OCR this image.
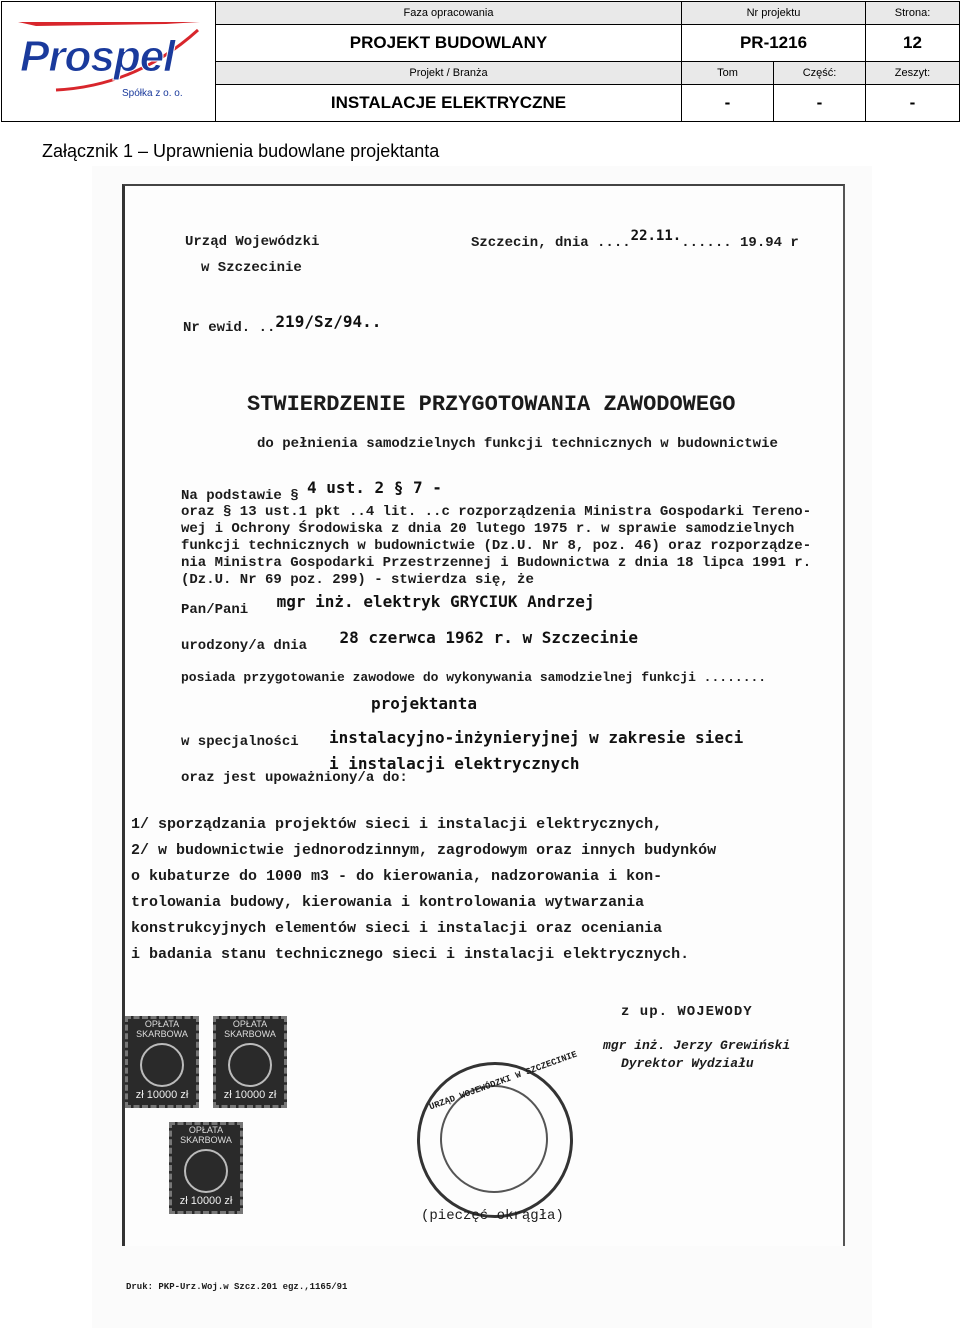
Prospel
Spółka z o. o.	Faza opracowania	Nr projektu		Strona:
	PROJEKT BUDOWLANY	PR-1216		12
	Projekt / Branża	Tom	Część:	Zeszyt:
	INSTALACJE ELEKTRYCZNE	-	-	-
Załącznik 1 – Uprawnienia budowlane projektanta
Urząd Wojewódzki
w Szczecinie
Szczecin, dnia ....22.11....... 19.94 r
Nr ewid. ..219/Sz/94..
STWIERDZENIE PRZYGOTOWANIA ZAWODOWEGO
do pełnienia samodzielnych funkcji technicznych w budownictwie
Na podstawie § 4 ust. 2 § 7 -
oraz § 13 ust.1 pkt ..4 lit. ..c rozporządzenia Ministra Gospodarki Tereno-
wej i Ochrony Środowiska z dnia 20 lutego 1975 r. w sprawie samodzielnych
funkcji technicznych w budownictwie (Dz.U. Nr 8, poz. 46) oraz rozporządze-
nia Ministra Gospodarki Przestrzennej i Budownictwa z dnia 18 lipca 1991 r.
(Dz.U. Nr 69 poz. 299) - stwierdza się, że
Pan/Pani mgr inż. elektryk GRYCIUK Andrzej
urodzony/a dnia 28 czerwca 1962 r. w Szczecinie
posiada przygotowanie zawodowe do wykonywania samodzielnej funkcji ........
projektanta
w specjalności instalacyjno-inżynieryjnej w zakresie sieci
i instalacji elektrycznych
oraz jest upoważniony/a do:
1/ sporządzania projektów sieci i instalacji elektrycznych,
2/ w budownictwie jednorodzinnym, zagrodowym oraz innych budynków
o kubaturze do 1000 m3 - do kierowania, nadzorowania i kon-
trolowania budowy, kierowania i kontrolowania wytwarzania
konstrukcyjnych elementów sieci i instalacji oraz oceniania
i badania stanu technicznego sieci i instalacji elektrycznych.
z up. WOJEWODY
mgr inż. Jerzy Grewiński
Dyrektor Wydziału
OPŁATA SKARBOWA
zł 10000 zł
OPŁATA SKARBOWA
zł 10000 zł
OPŁATA SKARBOWA
zł 10000 zł
URZĄD WOJEWÓDZKI W SZCZECINIE
(pieczęć okrągła)
Druk: PKP-Urz.Woj.w Szcz.201 egz.,1165/91
